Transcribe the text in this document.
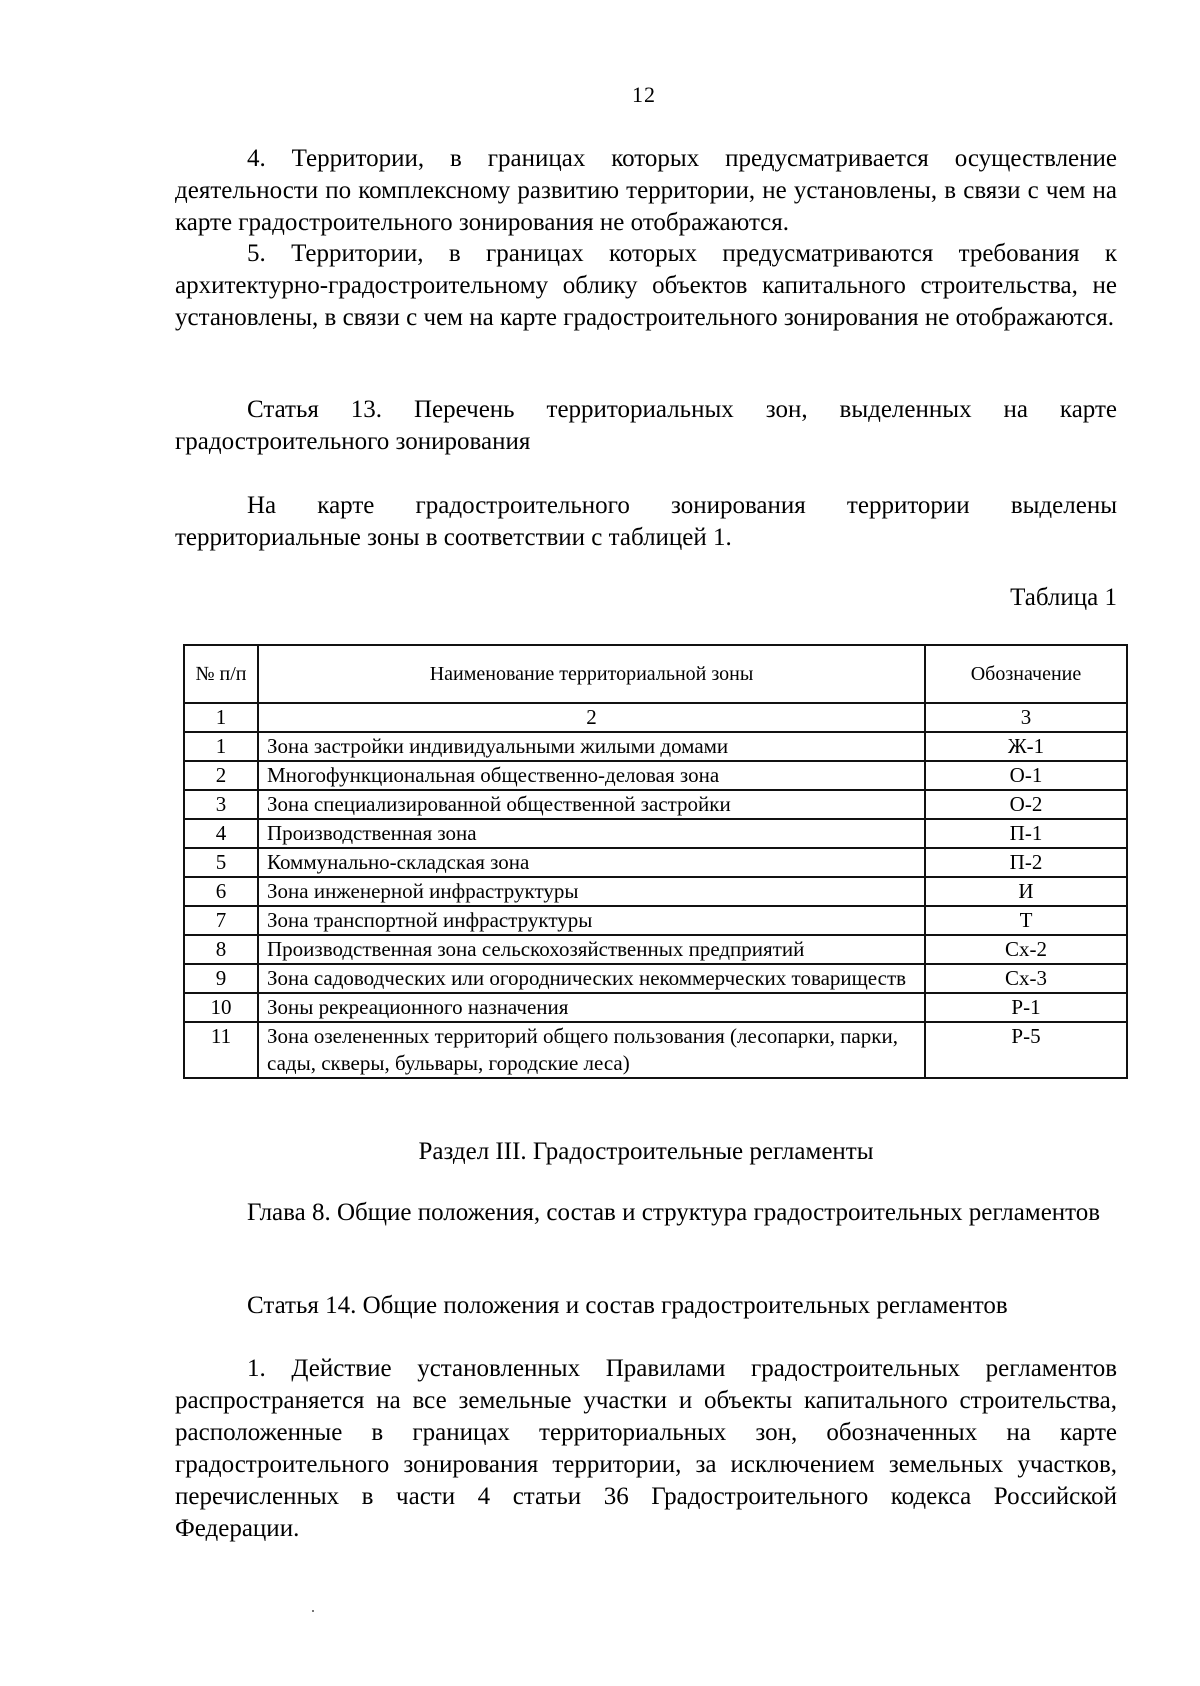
12
4. Территории, в границах которых предусматривается осуществление деятельности по комплексному развитию территории, не установлены, в связи с чем на карте градостроительного зонирования не отображаются.
5. Территории, в границах которых предусматриваются требования к архитектурно-градостроительному облику объектов капитального строительства, не установлены, в связи с чем на карте градостроительного зонирования не отображаются.
Статья 13. Перечень территориальных зон, выделенных на карте градостроительного зонирования
На карте градостроительного зонирования территории выделены территориальные зоны в соответствии с таблицей 1.
Таблица 1
№ п/п	Наименование территориальной зоны	Обозначение
1	2	3
1	Зона застройки индивидуальными жилыми домами	Ж-1
2	Многофункциональная общественно-деловая зона	О-1
3	Зона специализированной общественной застройки	О-2
4	Производственная зона	П-1
5	Коммунально-складская зона	П-2
6	Зона инженерной инфраструктуры	И
7	Зона транспортной инфраструктуры	Т
8	Производственная зона сельскохозяйственных предприятий	Сх-2
9	Зона садоводческих или огороднических некоммерческих товариществ	Сх-3
10	Зоны рекреационного назначения	Р-1
11	Зона озелененных территорий общего пользования (лесопарки, парки, сады, скверы, бульвары, городские леса)	Р-5
Раздел III. Градостроительные регламенты
Глава 8. Общие положения, состав и структура градостроительных регламентов
Статья 14. Общие положения и состав градостроительных регламентов
1. Действие установленных Правилами градостроительных регламентов распространяется на все земельные участки и объекты капитального строительства, расположенные в границах территориальных зон, обозначенных на карте градостроительного зонирования территории, за исключением земельных участков, перечисленных в части 4 статьи 36 Градостроительного кодекса Российской Федерации.
